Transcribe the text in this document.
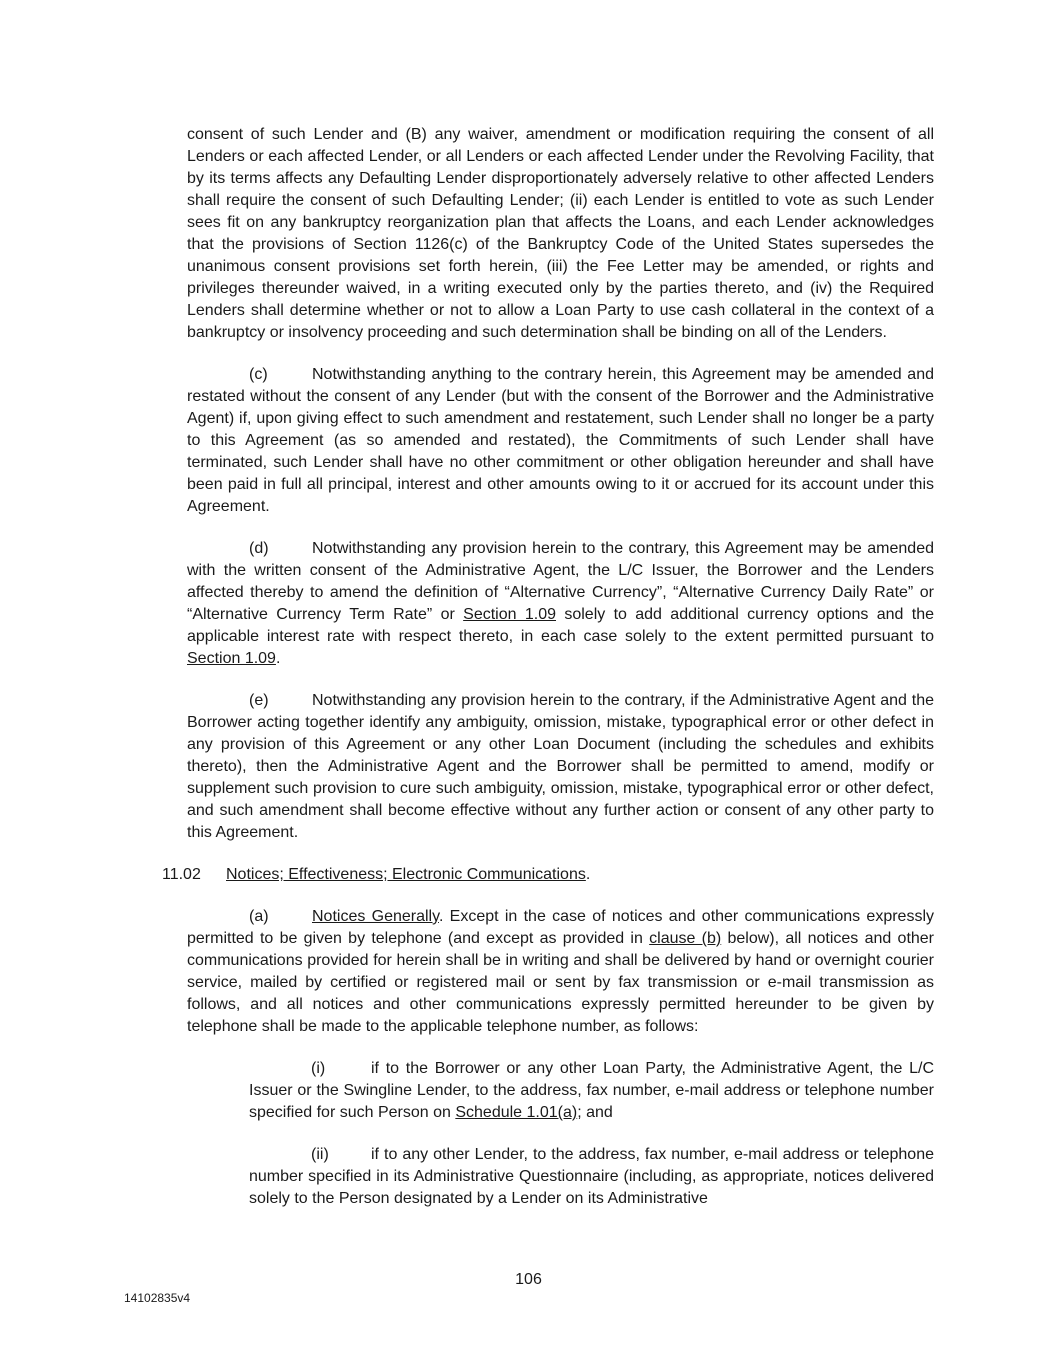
consent of such Lender and (B) any waiver, amendment or modification requiring the consent of all Lenders or each affected Lender, or all Lenders or each affected Lender under the Revolving Facility, that by its terms affects any Defaulting Lender disproportionately adversely relative to other affected Lenders shall require the consent of such Defaulting Lender; (ii) each Lender is entitled to vote as such Lender sees fit on any bankruptcy reorganization plan that affects the Loans, and each Lender acknowledges that the provisions of Section 1126(c) of the Bankruptcy Code of the United States supersedes the unanimous consent provisions set forth herein, (iii) the Fee Letter may be amended, or rights and privileges thereunder waived, in a writing executed only by the parties thereto, and (iv) the Required Lenders shall determine whether or not to allow a Loan Party to use cash collateral in the context of a bankruptcy or insolvency proceeding and such determination shall be binding on all of the Lenders.

(c)	Notwithstanding anything to the contrary herein, this Agreement may be amended and restated without the consent of any Lender (but with the consent of the Borrower and the Administrative Agent) if, upon giving effect to such amendment and restatement, such Lender shall no longer be a party to this Agreement (as so amended and restated), the Commitments of such Lender shall have terminated, such Lender shall have no other commitment or other obligation hereunder and shall have been paid in full all principal, interest and other amounts owing to it or accrued for its account under this Agreement.

(d)	Notwithstanding any provision herein to the contrary, this Agreement may be amended with the written consent of the Administrative Agent, the L/C Issuer, the Borrower and the Lenders affected thereby to amend the definition of “Alternative Currency”, “Alternative Currency Daily Rate” or “Alternative Currency Term Rate” or Section 1.09 solely to add additional currency options and the applicable interest rate with respect thereto, in each case solely to the extent permitted pursuant to Section 1.09.

(e)	Notwithstanding any provision herein to the contrary, if the Administrative Agent and the Borrower acting together identify any ambiguity, omission, mistake, typographical error or other defect in any provision of this Agreement or any other Loan Document (including the schedules and exhibits thereto), then the Administrative Agent and the Borrower shall be permitted to amend, modify or supplement such provision to cure such ambiguity, omission, mistake, typographical error or other defect, and such amendment shall become effective without any further action or consent of any other party to this Agreement.

11.02 Notices; Effectiveness; Electronic Communications.

(a)	Notices Generally. Except in the case of notices and other communications expressly permitted to be given by telephone (and except as provided in clause (b) below), all notices and other communications provided for herein shall be in writing and shall be delivered by hand or overnight courier service, mailed by certified or registered mail or sent by fax transmission or e-mail transmission as follows, and all notices and other communications expressly permitted hereunder to be given by telephone shall be made to the applicable telephone number, as follows:

(i)	if to the Borrower or any other Loan Party, the Administrative Agent, the L/C Issuer or the Swingline Lender, to the address, fax number, e-mail address or telephone number specified for such Person on Schedule 1.01(a); and

(ii)	if to any other Lender, to the address, fax number, e-mail address or telephone number specified in its Administrative Questionnaire (including, as appropriate, notices delivered solely to the Person designated by a Lender on its Administrative

106
14102835v4
